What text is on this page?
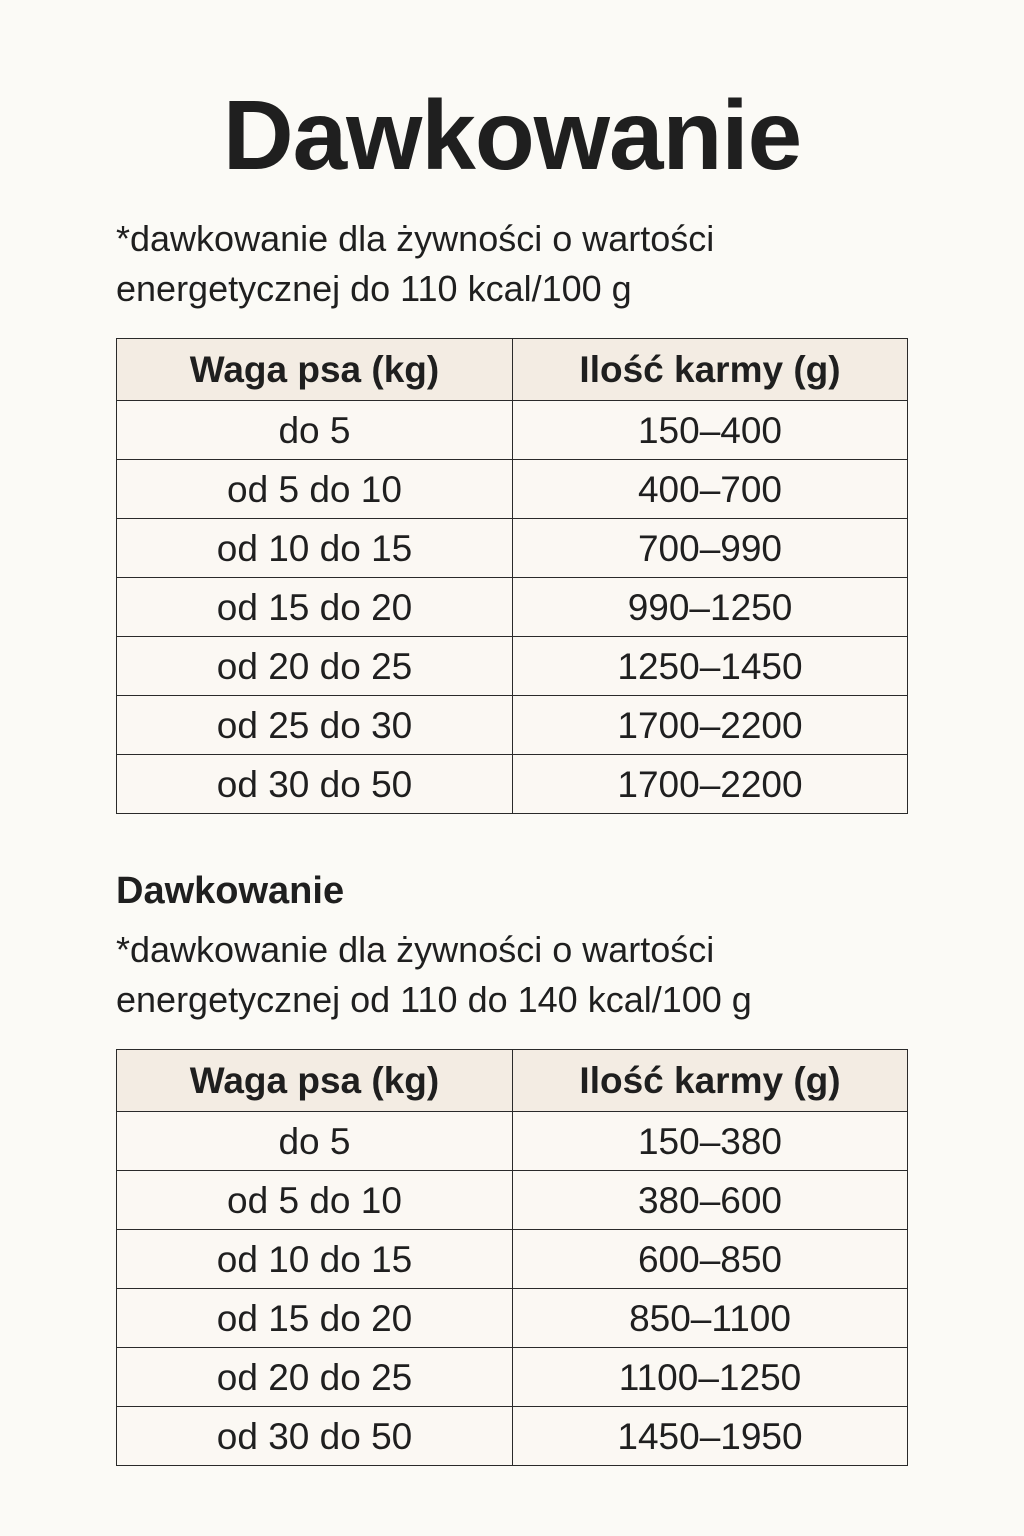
Dawkowanie

*dawkowanie dla żywności o wartości
energetycznej do 110 kcal/100 g

Waga psa (kg)	Ilość karmy (g)
do 5	150–400
od 5 do 10	400–700
od 10 do 15	700–990
od 15 do 20	990–1250
od 20 do 25	1250–1450
od 25 do 30	1700–2200
od 30 do 50	1700–2200
Dawkowanie

*dawkowanie dla żywności o wartości
energetycznej od 110 do 140 kcal/100 g

Waga psa (kg)	Ilość karmy (g)
do 5	150–380
od 5 do 10	380–600
od 10 do 15	600–850
od 15 do 20	850–1100
od 20 do 25	1100–1250
od 30 do 50	1450–1950
